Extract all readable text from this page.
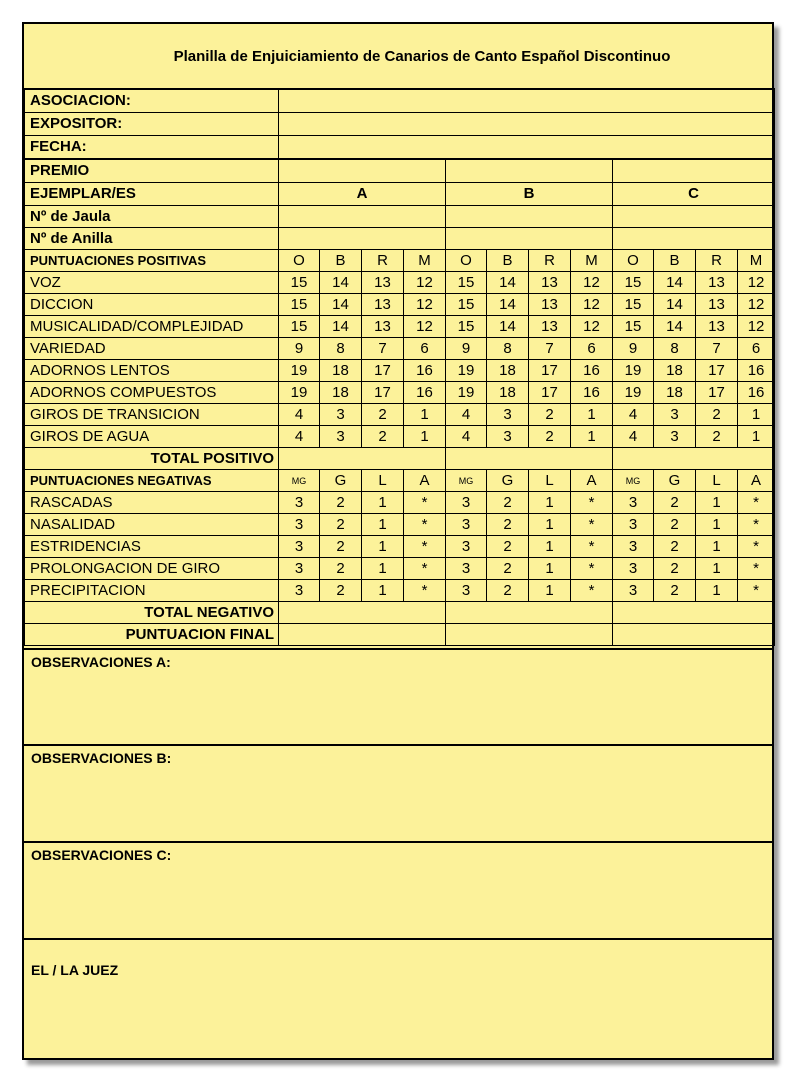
Planilla de Enjuiciamiento de Canarios de Canto Español Discontinuo
ASOCIACION:												
EXPOSITOR:												
FECHA:												
PREMIO												
EJEMPLAR/ES	A				B				C			
Nº de Jaula												
Nº de Anilla												
PUNTUACIONES POSITIVAS	O	B	R	M	O	B	R	M	O	B	R	M
VOZ	15	14	13	12	15	14	13	12	15	14	13	12
DICCION	15	14	13	12	15	14	13	12	15	14	13	12
MUSICALIDAD/COMPLEJIDAD	15	14	13	12	15	14	13	12	15	14	13	12
VARIEDAD	9	8	7	6	9	8	7	6	9	8	7	6
ADORNOS LENTOS	19	18	17	16	19	18	17	16	19	18	17	16
ADORNOS COMPUESTOS	19	18	17	16	19	18	17	16	19	18	17	16
GIROS DE TRANSICION	4	3	2	1	4	3	2	1	4	3	2	1
GIROS DE AGUA	4	3	2	1	4	3	2	1	4	3	2	1
TOTAL POSITIVO												
PUNTUACIONES NEGATIVAS	MG	G	L	A	MG	G	L	A	MG	G	L	A
RASCADAS	3	2	1	*	3	2	1	*	3	2	1	*
NASALIDAD	3	2	1	*	3	2	1	*	3	2	1	*
ESTRIDENCIAS	3	2	1	*	3	2	1	*	3	2	1	*
PROLONGACION DE GIRO	3	2	1	*	3	2	1	*	3	2	1	*
PRECIPITACION	3	2	1	*	3	2	1	*	3	2	1	*
TOTAL NEGATIVO												
PUNTUACION FINAL												
OBSERVACIONES A:
OBSERVACIONES B:
OBSERVACIONES C:
EL / LA JUEZ
